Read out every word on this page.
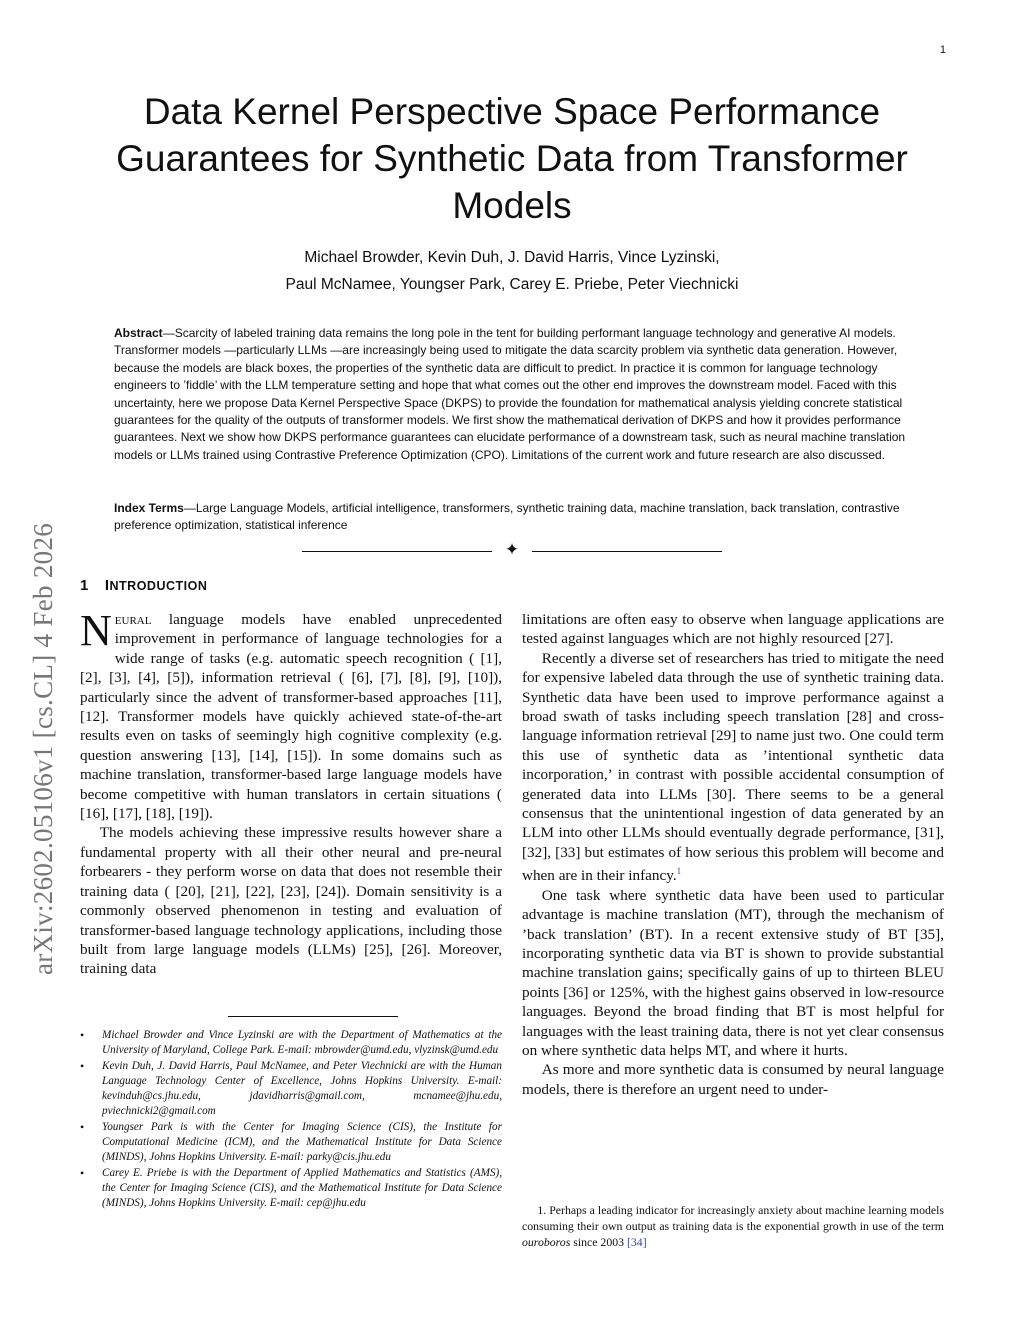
1
arXiv:2602.05106v1 [cs.CL] 4 Feb 2026
Data Kernel Perspective Space Performance Guarantees for Synthetic Data from Transformer Models
Michael Browder, Kevin Duh, J. David Harris, Vince Lyzinski,
Paul McNamee, Youngser Park, Carey E. Priebe, Peter Viechnicki
Abstract—Scarcity of labeled training data remains the long pole in the tent for building performant language technology and generative AI models. Transformer models —particularly LLMs —are increasingly being used to mitigate the data scarcity problem via synthetic data generation. However, because the models are black boxes, the properties of the synthetic data are difficult to predict. In practice it is common for language technology engineers to ’fiddle’ with the LLM temperature setting and hope that what comes out the other end improves the downstream model. Faced with this uncertainty, here we propose Data Kernel Perspective Space (DKPS) to provide the foundation for mathematical analysis yielding concrete statistical guarantees for the quality of the outputs of transformer models. We first show the mathematical derivation of DKPS and how it provides performance guarantees. Next we show how DKPS performance guarantees can elucidate performance of a downstream task, such as neural machine translation models or LLMs trained using Contrastive Preference Optimization (CPO). Limitations of the current work and future research are also discussed.
Index Terms—Large Language Models, artificial intelligence, transformers, synthetic training data, machine translation, back translation, contrastive preference optimization, statistical inference
✦
1 INTRODUCTION

Neural language models have enabled unprecedented improvement in performance of language technologies for a wide range of tasks (e.g. automatic speech recognition ( [1], [2], [3], [4], [5]), information retrieval ( [6], [7], [8], [9], [10]), particularly since the advent of transformer-based approaches [11], [12]. Transformer models have quickly achieved state-of-the-art results even on tasks of seemingly high cognitive complexity (e.g. question answering [13], [14], [15]). In some domains such as machine translation, transformer-based large language models have become competitive with human translators in certain situations ( [16], [17], [18], [19]).

The models achieving these impressive results however share a fundamental property with all their other neural and pre-neural forbearers - they perform worse on data that does not resemble their training data ( [20], [21], [22], [23], [24]). Domain sensitivity is a commonly observed phenomenon in testing and evaluation of transformer-based language technology applications, including those built from large language models (LLMs) [25], [26]. Moreover, training data

• Michael Browder and Vince Lyzinski are with the Department of Mathematics at the University of Maryland, College Park. E-mail: mbrowder@umd.edu, vlyzinsk@umd.edu
• Kevin Duh, J. David Harris, Paul McNamee, and Peter Viechnicki are with the Human Language Technology Center of Excellence, Johns Hopkins University. E-mail: kevinduh@cs.jhu.edu, jdavidharris@gmail.com, mcnamee@jhu.edu, pviechnicki2@gmail.com
• Youngser Park is with the Center for Imaging Science (CIS), the Institute for Computational Medicine (ICM), and the Mathematical Institute for Data Science (MINDS), Johns Hopkins University. E-mail: parky@cis.jhu.edu
• Carey E. Priebe is with the Department of Applied Mathematics and Statistics (AMS), the Center for Imaging Science (CIS), and the Mathematical Institute for Data Science (MINDS), Johns Hopkins University. E-mail: cep@jhu.edu

limitations are often easy to observe when language applications are tested against languages which are not highly resourced [27].

Recently a diverse set of researchers has tried to mitigate the need for expensive labeled data through the use of synthetic training data. Synthetic data have been used to improve performance against a broad swath of tasks including speech translation [28] and cross-language information retrieval [29] to name just two. One could term this use of synthetic data as ’intentional synthetic data incorporation,’ in contrast with possible accidental consumption of generated data into LLMs [30]. There seems to be a general consensus that the unintentional ingestion of data generated by an LLM into other LLMs should eventually degrade performance, [31], [32], [33] but estimates of how serious this problem will become and when are in their infancy.$^1$

One task where synthetic data have been used to particular advantage is machine translation (MT), through the mechanism of ’back translation’ (BT). In a recent extensive study of BT [35], incorporating synthetic data via BT is shown to provide substantial machine translation gains; specifically gains of up to thirteen BLEU points [36] or 125%, with the highest gains observed in low-resource languages. Beyond the broad finding that BT is most helpful for languages with the least training data, there is not yet clear consensus on where synthetic data helps MT, and where it hurts.

As more and more synthetic data is consumed by neural language models, there is therefore an urgent need to under-

1. Perhaps a leading indicator for increasingly anxiety about machine learning models consuming their own output as training data is the exponential growth in use of the term ouroboros since 2003 [34]
